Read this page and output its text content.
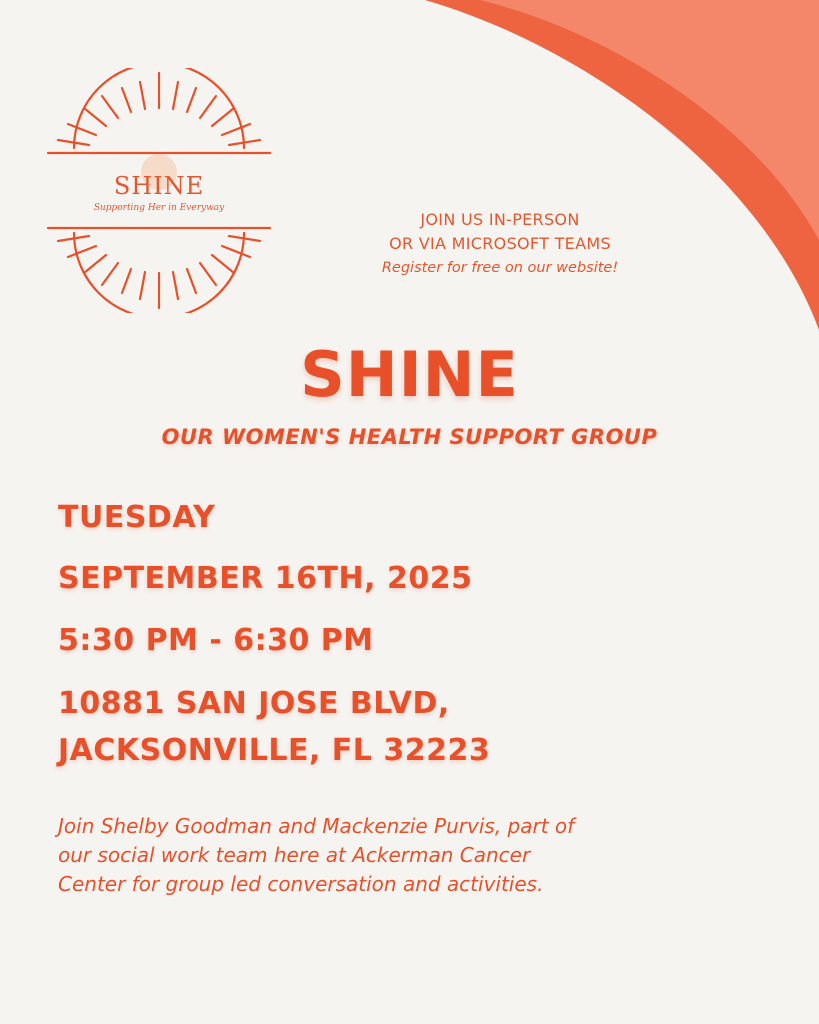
SHINE
Supporting Her in Everyway
JOIN US IN-PERSON
OR VIA MICROSOFT TEAMS
Register for free on our website!
SHINE
OUR WOMEN'S HEALTH SUPPORT GROUP
TUESDAY
SEPTEMBER 16TH, 2025
5:30 PM - 6:30 PM
10881 SAN JOSE BLVD,
JACKSONVILLE, FL 32223
Join Shelby Goodman and Mackenzie Purvis, part of
our social work team here at Ackerman Cancer
Center for group led conversation and activities.
